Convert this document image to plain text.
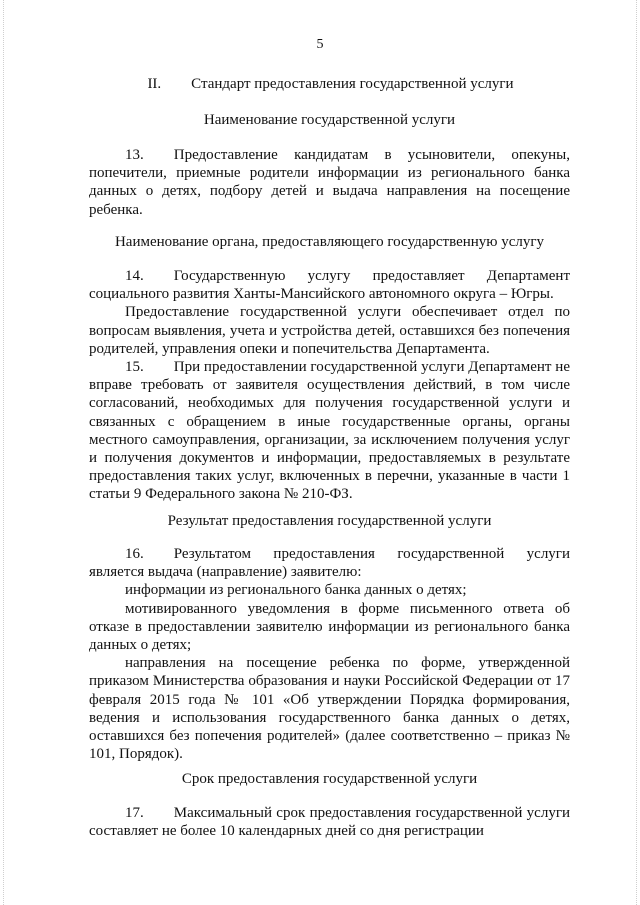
5
II.  Стандарт предоставления государственной услуги
Наименование государственной услуги

13.  Предоставление кандидатам в усыновители, опекуны, попечители, приемные родители информации из регионального банка данных о детях, подбору детей и выдача направления на посещение ребенка.

Наименование органа, предоставляющего государственную услугу

14.  Государственную услугу предоставляет Департамент социального развития Ханты-Мансийского автономного округа – Югры.

Предоставление государственной услуги обеспечивает отдел по вопросам выявления, учета и устройства детей, оставшихся без попечения родителей, управления опеки и попечительства Департамента.

15.  При предоставлении государственной услуги Департамент не вправе требовать от заявителя осуществления действий, в том числе согласований, необходимых для получения государственной услуги и связанных с обращением в иные государственные органы, органы местного самоуправления, организации, за исключением получения услуг и получения документов и информации, предоставляемых в результате предоставления таких услуг, включенных в перечни, указанные в части 1 статьи 9 Федерального закона № 210-ФЗ.

Результат предоставления государственной услуги

16.  Результатом предоставления государственной услуги является выдача (направление) заявителю:

информации из регионального банка данных о детях;

мотивированного уведомления в форме письменного ответа об отказе в предоставлении заявителю информации из регионального банка данных о детях;

направления на посещение ребенка по форме, утвержденной приказом Министерства образования и науки Российской Федерации от 17 февраля 2015 года № 101 «Об утверждении Порядка формирования, ведения и использования государственного банка данных о детях, оставшихся без попечения родителей» (далее соответственно – приказ № 101, Порядок).

Срок предоставления государственной услуги

17.  Максимальный срок предоставления государственной услуги составляет не более 10 календарных дней со дня регистрации
